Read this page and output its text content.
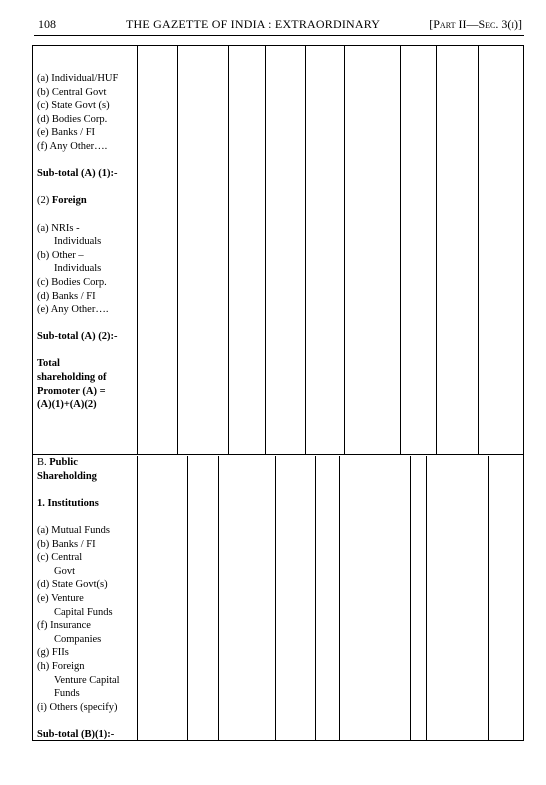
108	THE GAZETTE OF INDIA : EXTRAORDINARY	[Part II—Sec. 3(i)]
(a) Individual/HUF
(b) Central Govt
(c) State Govt (s)
(d) Bodies Corp.
(e) Banks / FI
(f) Any Other….
Sub-total (A) (1):-
(2) Foreign
(a) NRIs -
Individuals
(b) Other –
Individuals
(c) Bodies Corp.
(d) Banks / FI
(e) Any Other….
Sub-total (A) (2):-
Total
shareholding of
Promoter (A) =
(A)(1)+(A)(2)
B. Public
Shareholding
1. Institutions
(a) Mutual Funds
(b) Banks / FI
(c) Central
Govt
(d) State Govt(s)
(e) Venture
Capital Funds
(f) Insurance
Companies
(g) FIIs
(h) Foreign
Venture Capital
Funds
(i) Others (specify)
Sub-total (B)(1):-
